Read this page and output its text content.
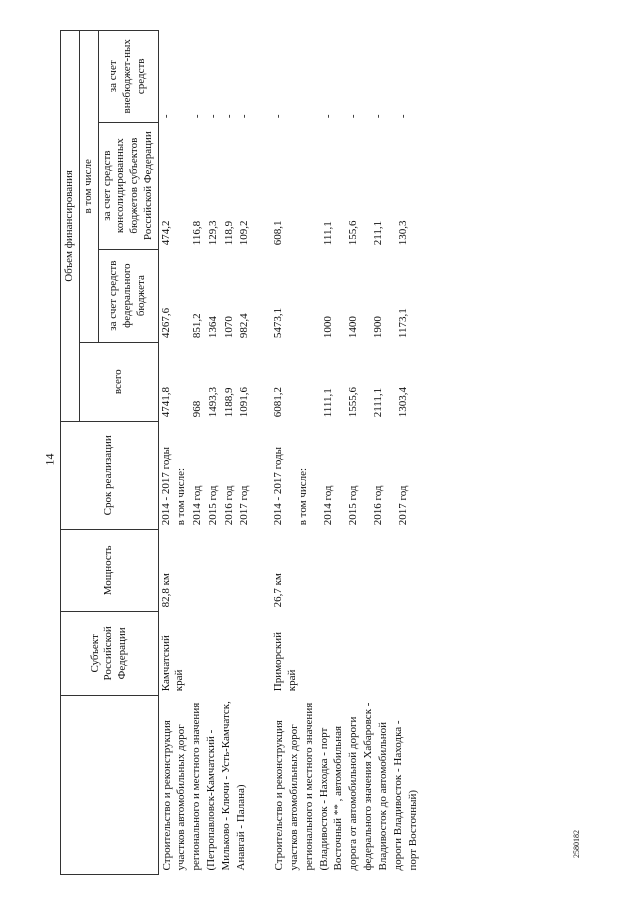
14
2580182
	Субъект Российской Федерации	Мощность	Срок реализации	Объем финансирования			
				всего	в том числе		
					за счет средств федерального бюджета	за счет средств консолидированных бюджетов субъектов Российской Федерации	за счет внебюджет-ных средств
Строительство и реконструкция участков автомобильных дорог регионального и местного значения (Петропавловск-Камчатский - Мильково - Ключи - Усть-Камчатск, Анавгай - Палана)	Камчатский край	82,8 км	2014 - 2017 годы	4741,8	4267,6	474,2	-
			в том числе:				
			2014 год	968	851,2	116,8	-
			2015 год	1493,3	1364	129,3	-
			2016 год	1188,9	1070	118,9	-
			2017 год	1091,6	982,4	109,2	-

Строительство и реконструкция участков автомобильных дорог регионального и местного значения (Владивосток - Находка - порт Восточный ** , автомобильная дорога от автомобильной дороги федерального значения Хабаровск - Владивосток до автомобильной дороги Владивосток - Находка - порт Восточный)	Приморский край	26,7 км	2014 - 2017 годы	6081,2	5473,1	608,1	-
			в том числе:				
			2014 год	1111,1	1000	111,1	-
			2015 год	1555,6	1400	155,6	-
			2016 год	2111,1	1900	211,1	-
			2017 год	1303,4	1173,1	130,3	-
